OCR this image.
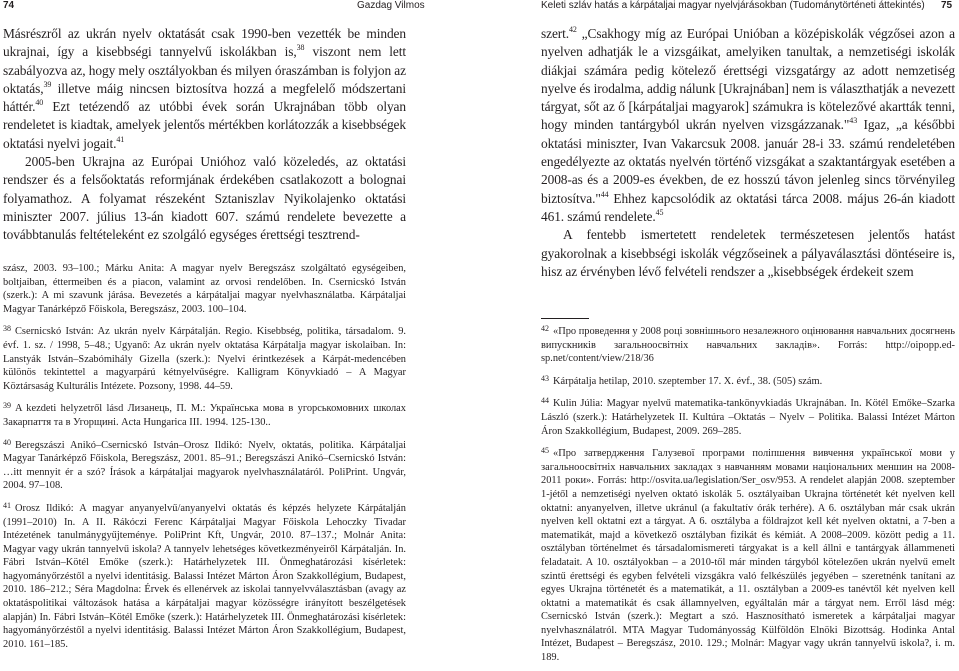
74	Gazdag Vilmos	Keleti szláv hatás a kárpátaljai magyar nyelvjárásokban (Tudománytörténeti áttekintés) 75

Másrészről az ukrán nyelv oktatását csak 1990-ben vezették be minden ukrajnai, így a kisebbségi tannyelvű iskolákban is,$^{38}$ viszont nem lett szabályozva az, hogy mely osztályokban és milyen óraszámban is folyjon az oktatás,$^{39}$ illetve máig nincsen biztosítva hozzá a megfelelő módszertani háttér.$^{40}$ Ezt tetézendő az utóbbi évek során Ukrajnában több olyan rendeletet is kiadtak, amelyek jelentős mértékben korlátozzák a kisebbségek oktatási nyelvi jogait.$^{41}$

2005-ben Ukrajna az Európai Unióhoz való közeledés, az oktatási rendszer és a felsőoktatás reformjának érdekében csatlakozott a bolognai folyamathoz. A folyamat részeként Sztaniszlav Nyikolajenko oktatási miniszter 2007. július 13-án kiadott 607. számú rendelete bevezette a továbbtanulás feltételeként ez szolgáló egységes érettségi tesztrend-

szász, 2003. 93–100.; Márku Anita: A magyar nyelv Beregszász szolgáltató egységeiben, boltjaiban, éttermeiben és a piacon, valamint az orvosi rendelőben. In. Csernicskó István (szerk.): A mi szavunk járása. Bevezetés a kárpátaljai magyar nyelvhasználatba. Kárpátaljai Magyar Tanárképző Főiskola, Beregszász, 2003. 100–104.

$^{38}$ Csernicskó István: Az ukrán nyelv Kárpátalján. Regio. Kisebbség, politika, társadalom. 9. évf. 1. sz. / 1998, 5–48.; Ugyanő: Az ukrán nyelv oktatása Kárpátalja magyar iskolaiban. In: Lanstyák István–Szabómihály Gizella (szerk.): Nyelvi érintkezések a Kárpát-medencében különös tekintettel a magyarpárú kétnyelvűségre. Kalligram Könyvkiadó – A Magyar Köztársaság Kulturális Intézete. Pozsony, 1998. 44–59.

$^{39}$ A kezdeti helyzetről lásd Лизанець, П. М.: Українська мова в угорськомовних школах Закарпаття та в Угорщині. Acta Hungarica III. 1994. 125-130..

$^{40}$ Beregszászi Anikó–Csernicskó István–Orosz Ildikó: Nyelv, oktatás, politika. Kárpátaljai Magyar Tanárképző Főiskola, Beregszász, 2001. 85–91.; Beregszászi Anikó–Csernicskó István: …itt mennyit ér a szó? Írások a kárpátaljai magyarok nyelvhasználatáról. PoliPrint. Ungvár, 2004. 97–108.

$^{41}$ Orosz Ildikó: A magyar anyanyelvű/anyanyelvi oktatás és képzés helyzete Kárpátalján (1991–2010) In. A II. Rákóczi Ferenc Kárpátaljai Magyar Főiskola Lehoczky Tivadar Intézetének tanulmánygyűjteménye. PoliPrint Kft, Ungvár, 2010. 87–137.; Molnár Anita: Magyar vagy ukrán tannyelvű iskola? A tannyelv lehetséges következményeiről Kárpátalján. In. Fábri István–Kötél Emőke (szerk.): Határhelyzetek III. Önmeghatározási kísérletek: hagyományőrzéstől a nyelvi identitásig. Balassi Intézet Márton Áron Szakkollégium, Budapest, 2010. 186–212.; Séra Magdolna: Érvek és ellenérvek az iskolai tannyelvválasztásban (avagy az oktatáspolitikai változások hatása a kárpátaljai magyar közösségre irányított beszélgetések alapján) In. Fábri István–Kötél Emőke (szerk.): Határhelyzetek III. Önmeghatározási kísérletek: hagyományőrzéstől a nyelvi identitásig. Balassi Intézet Márton Áron Szakkollégium, Budapest, 2010. 161–185.

szert.$^{42}$ „Csakhogy míg az Európai Unióban a középiskolák végzősei azon a nyelven adhatják le a vizsgáikat, amelyiken tanultak, a nemzetiségi iskolák diákjai számára pedig kötelező érettségi vizsgatárgy az adott nemzetiség nyelve és irodalma, addig nálunk [Ukrajnában] nem is választhatják a nevezett tárgyat, sőt az ő [kárpátaljai magyarok] számukra is kötelezővé akartták tenni, hogy minden tantárgyból ukrán nyelven vizsgázzanak."$^{43}$ Igaz, „a későbbi oktatási miniszter, Ivan Vakarcsuk 2008. január 28-i 33. számú rendeletében engedélyezte az oktatás nyelvén történő vizsgákat a szaktantárgyak esetében a 2008-as és a 2009-es években, de ez hosszú távon jelenleg sincs törvényileg biztosítva."$^{44}$ Ehhez kapcsolódik az oktatási tárca 2008. május 26-án kiadott 461. számú rendelete.$^{45}$

A fentebb ismertetett rendeletek természetesen jelentős hatást gyakorolnak a kisebbségi iskolák végzőseinek a pályaválasztási döntéseire is, hisz az érvényben lévő felvételi rendszer a „kisebbségek érdekeit szem

$^{42}$ «Про проведення у 2008 році зовнішнього незалежного оцінювання навчальних досягнень випускників загальноосвітніх навчальних закладів». Forrás: http://oipopp.ed-sp.net/content/view/218/36

$^{43}$ Kárpátalja hetilap, 2010. szeptember 17. X. évf., 38. (505) szám.

$^{44}$ Kulin Júlia: Magyar nyelvű matematika-tankönyvkiadás Ukrajnában. In. Kötél Emőke–Szarka László (szerk.): Határhelyzetek II. Kultúra –Oktatás – Nyelv – Politika. Balassi Intézet Márton Áron Szakkollégium, Budapest, 2009. 269–285.

$^{45}$ «Про затвердження Галузевої програми поліпшення вивчення української мови у загальноосвітніх навчальних закладах з навчанням мовами національних меншин на 2008-2011 роки». Forrás: http://osvita.ua/legislation/Ser_osv/953. A rendelet alapján 2008. szeptember 1-jétől a nemzetiségi nyelven oktató iskolák 5. osztályaiban Ukrajna történetét két nyelven kell oktatni: anyanyelven, illetve ukránul (a fakultatív órák terhére). A 6. osztályban már csak ukrán nyelven kell oktatni ezt a tárgyat. A 6. osztályba a földrajzot kell két nyelven oktatni, a 7-ben a matematikát, majd a következő osztályban fizikát és kémiát. A 2008–2009. között pedig a 11. osztályban történelmet és társadalomismereti tárgyakat is a kell állni e tantárgyak állammeneti feladatait. A 10. osztályokban – a 2010-től már minden tárgyból kötelezően ukrán nyelvű emelt szintű érettségi és egyben felvételi vizsgákra való felkészülés jegyében – szeretnénk tanítani az egyes Ukrajna történetét és a matematikát, a 11. osztályban a 2009-es tanévtől két nyelven kell oktatni a matematikát és csak államnyelven, egyáltalán már a tárgyat nem. Erről lásd még: Csernicskó István (szerk.): Megtart a szó. Hasznosítható ismeretek a kárpátaljai magyar nyelvhasználatról. MTA Magyar Tudományosság Külföldön Elnöki Bizottság. Hodinka Antal Intézet, Budapest – Beregszász, 2010. 129.; Molnár: Magyar vagy ukrán tannyelvű iskola?, i. m. 189.
